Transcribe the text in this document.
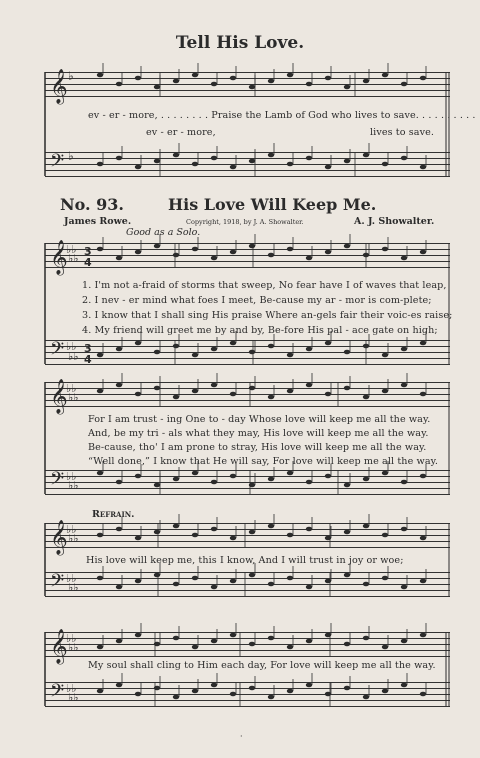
Tell His Love.
ev - er - more, . . . . . . . . Praise the Lamb of God who lives to save. . . . . . . . . .
ev - er - more,	lives to save.
No. 93.	His Love Will Keep Me.
James Rowe.	Copyright, 1918, by J. A. Showalter.	A. J. Showalter.
Good as a Solo.
1. I'm not a-fraid of storms that sweep, No fear have I of waves that leap,
2. I nev - er mind what foes I meet, Be-cause my ar - mor is com-plete;
3. I know that I shall sing His praise Where an-gels fair their voic-es raise;
4. My friend will greet me by and by, Be-fore His pal - ace gate on high;
For I am trust - ing One to - day Whose love will keep me all the way.
And, be my tri - als what they may, His love will keep me all the way.
Be-cause, tho' I am prone to stray, His love will keep me all the way.
“Well done,” I know that He will say, For love will keep me all the way.
Refrain.
His love will keep me, this I know, And I will trust in joy or woe;
My soul shall cling to Him each day, For love will keep me all the way.
𝄞
𝄢
𝄞
𝄢
𝄞
𝄢
𝄞
𝄢
𝄞
𝄢
♭
♭
♭♭
♭♭
♭♭
♭♭
♭♭
♭♭
♭♭
♭♭
♭♭
♭♭
♭♭
♭♭
♭♭
♭♭
♭♭
♭♭
3
4
3
4
·
